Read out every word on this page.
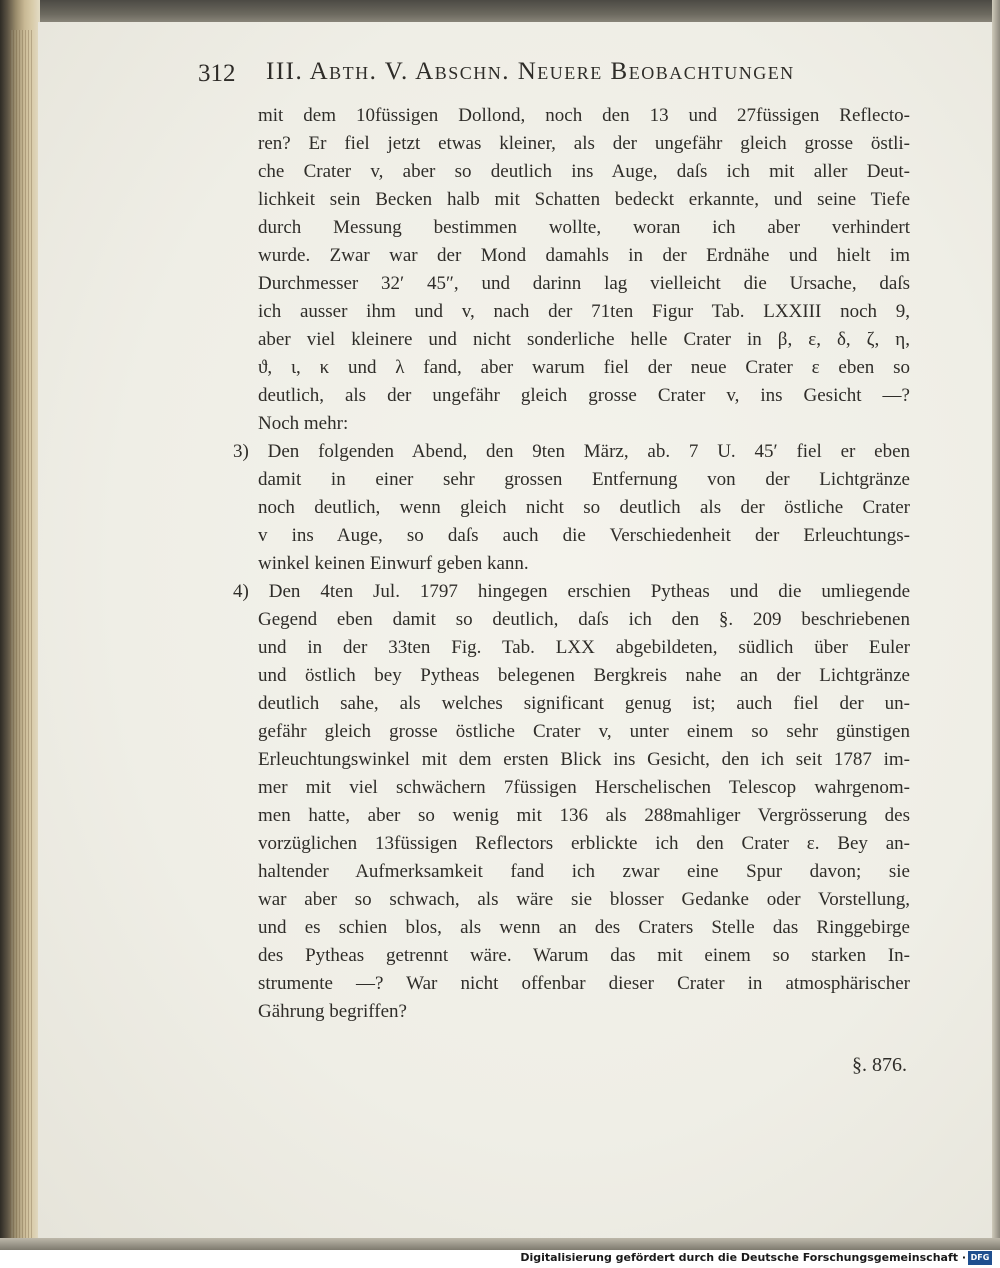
312 III. Abth. V. Abschn. Neuere Beobachtungen
mit dem 10füssigen Dollond, noch den 13 und 27füssigen Reflecto-
ren? Er fiel jetzt etwas kleiner, als der ungefähr gleich grosse östli-
che Crater v, aber so deutlich ins Auge, daſs ich mit aller Deut-
lichkeit sein Becken halb mit Schatten bedeckt erkannte, und seine Tiefe
durch Messung bestimmen wollte, woran ich aber verhindert
wurde. Zwar war der Mond damahls in der Erdnähe und hielt im
Durchmesser 32′ 45″, und darinn lag vielleicht die Ursache, daſs
ich ausser ihm und v, nach der 71ten Figur Tab. LXXIII noch 9,
aber viel kleinere und nicht sonderliche helle Crater in β, ε, δ, ζ, η,
ϑ, ι, κ und λ fand, aber warum fiel der neue Crater ε eben so
deutlich, als der ungefähr gleich grosse Crater v, ins Gesicht —?
Noch mehr:
3) Den folgenden Abend, den 9ten März, ab. 7 U. 45′ fiel er eben
damit in einer sehr grossen Entfernung von der Lichtgränze
noch deutlich, wenn gleich nicht so deutlich als der östliche Crater
v ins Auge, so daſs auch die Verschiedenheit der Erleuchtungs-
winkel keinen Einwurf geben kann.
4) Den 4ten Jul. 1797 hingegen erschien Pytheas und die umliegende
Gegend eben damit so deutlich, daſs ich den §. 209 beschriebenen
und in der 33ten Fig. Tab. LXX abgebildeten, südlich über Euler
und östlich bey Pytheas belegenen Bergkreis nahe an der Lichtgränze
deutlich sahe, als welches significant genug ist; auch fiel der un-
gefähr gleich grosse östliche Crater v, unter einem so sehr günstigen
Erleuchtungswinkel mit dem ersten Blick ins Gesicht, den ich seit 1787 im-
mer mit viel schwächern 7füssigen Herschelischen Telescop wahrgenom-
men hatte, aber so wenig mit 136 als 288mahliger Vergrösserung des
vorzüglichen 13füssigen Reflectors erblickte ich den Crater ε. Bey an-
haltender Aufmerksamkeit fand ich zwar eine Spur davon; sie
war aber so schwach, als wäre sie blosser Gedanke oder Vorstellung,
und es schien blos, als wenn an des Craters Stelle das Ringgebirge
des Pytheas getrennt wäre. Warum das mit einem so starken In-
strumente —? War nicht offenbar dieser Crater in atmosphärischer
Gährung begriffen?
§. 876.
Digitalisierung gefördert durch die Deutsche Forschungsgemeinschaft · DFG
